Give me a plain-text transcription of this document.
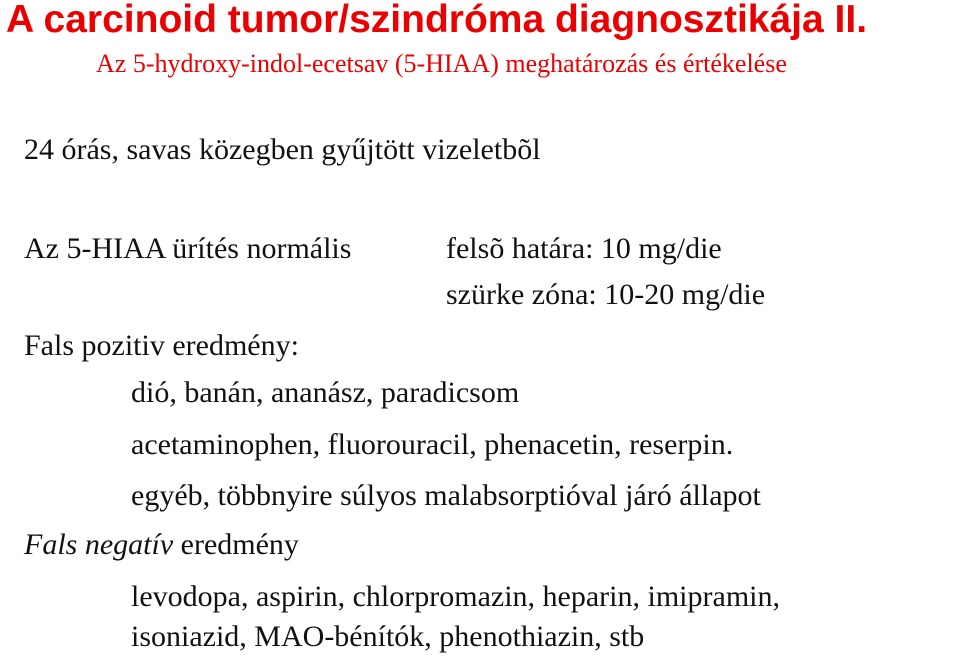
A carcinoid tumor/szindróma diagnosztikája II.
Az 5-hydroxy-indol-ecetsav (5-HIAA) meghatározás és értékelése
24 órás, savas közegben gyűjtött vizeletbõl
Az 5-HIAA ürítés normális	felsõ határa: 10 mg/die
szürke zóna: 10-20 mg/die
Fals pozitiv eredmény:
dió, banán, ananász, paradicsom
acetaminophen, fluorouracil, phenacetin, reserpin.
egyéb, többnyire súlyos malabsorptióval járó állapot
Fals negatív eredmény
levodopa, aspirin, chlorpromazin, heparin, imipramin,
isoniazid, MAO-bénítók, phenothiazin, stb
